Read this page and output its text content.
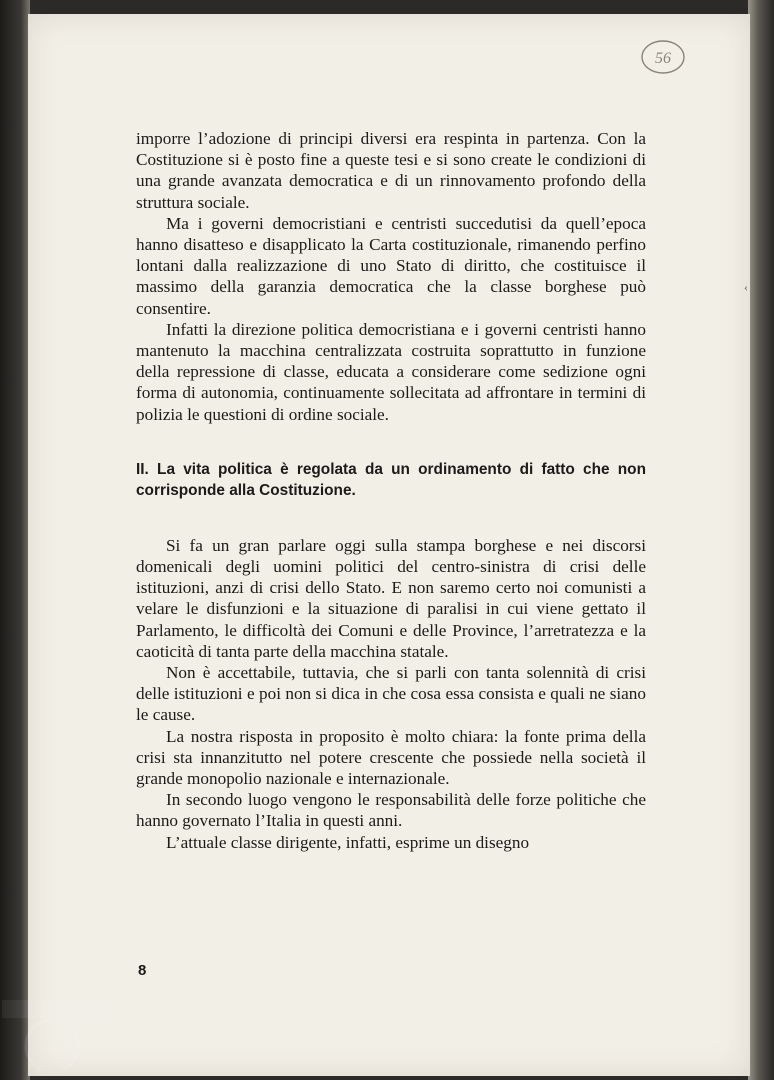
56
‹

imporre l’adozione di principi diversi era respinta in partenza. Con la Costituzione si è posto fine a queste tesi e si sono create le condizioni di una grande avanzata democratica e di un rinnovamento profondo della struttura sociale.

Ma i governi democristiani e centristi succedutisi da quell’epoca hanno disatteso e disapplicato la Carta costituzionale, rimanendo perfino lontani dalla realizzazione di uno Stato di diritto, che costituisce il massimo della garanzia democratica che la classe borghese può consentire.

Infatti la direzione politica democristiana e i governi centristi hanno mantenuto la macchina centralizzata costruita soprattutto in funzione della repressione di classe, educata a considerare come sedizione ogni forma di autonomia, continuamente sollecitata ad affrontare in termini di polizia le questioni di ordine sociale.

II. La vita politica è regolata da un ordinamento di fatto che non corrisponde alla Costituzione.

Si fa un gran parlare oggi sulla stampa borghese e nei discorsi domenicali degli uomini politici del centro-sinistra di crisi delle istituzioni, anzi di crisi dello Stato. E non saremo certo noi comunisti a velare le disfunzioni e la situazione di paralisi in cui viene gettato il Parlamento, le difficoltà dei Comuni e delle Province, l’arretratezza e la caoticità di tanta parte della macchina statale.

Non è accettabile, tuttavia, che si parli con tanta solennità di crisi delle istituzioni e poi non si dica in che cosa essa consista e quali ne siano le cause.

La nostra risposta in proposito è molto chiara: la fonte prima della crisi sta innanzitutto nel potere crescente che possiede nella società il grande monopolio nazionale e internazionale.

In secondo luogo vengono le responsabilità delle forze politiche che hanno governato l’Italia in questi anni.

L’attuale classe dirigente, infatti, esprime un disegno

8
